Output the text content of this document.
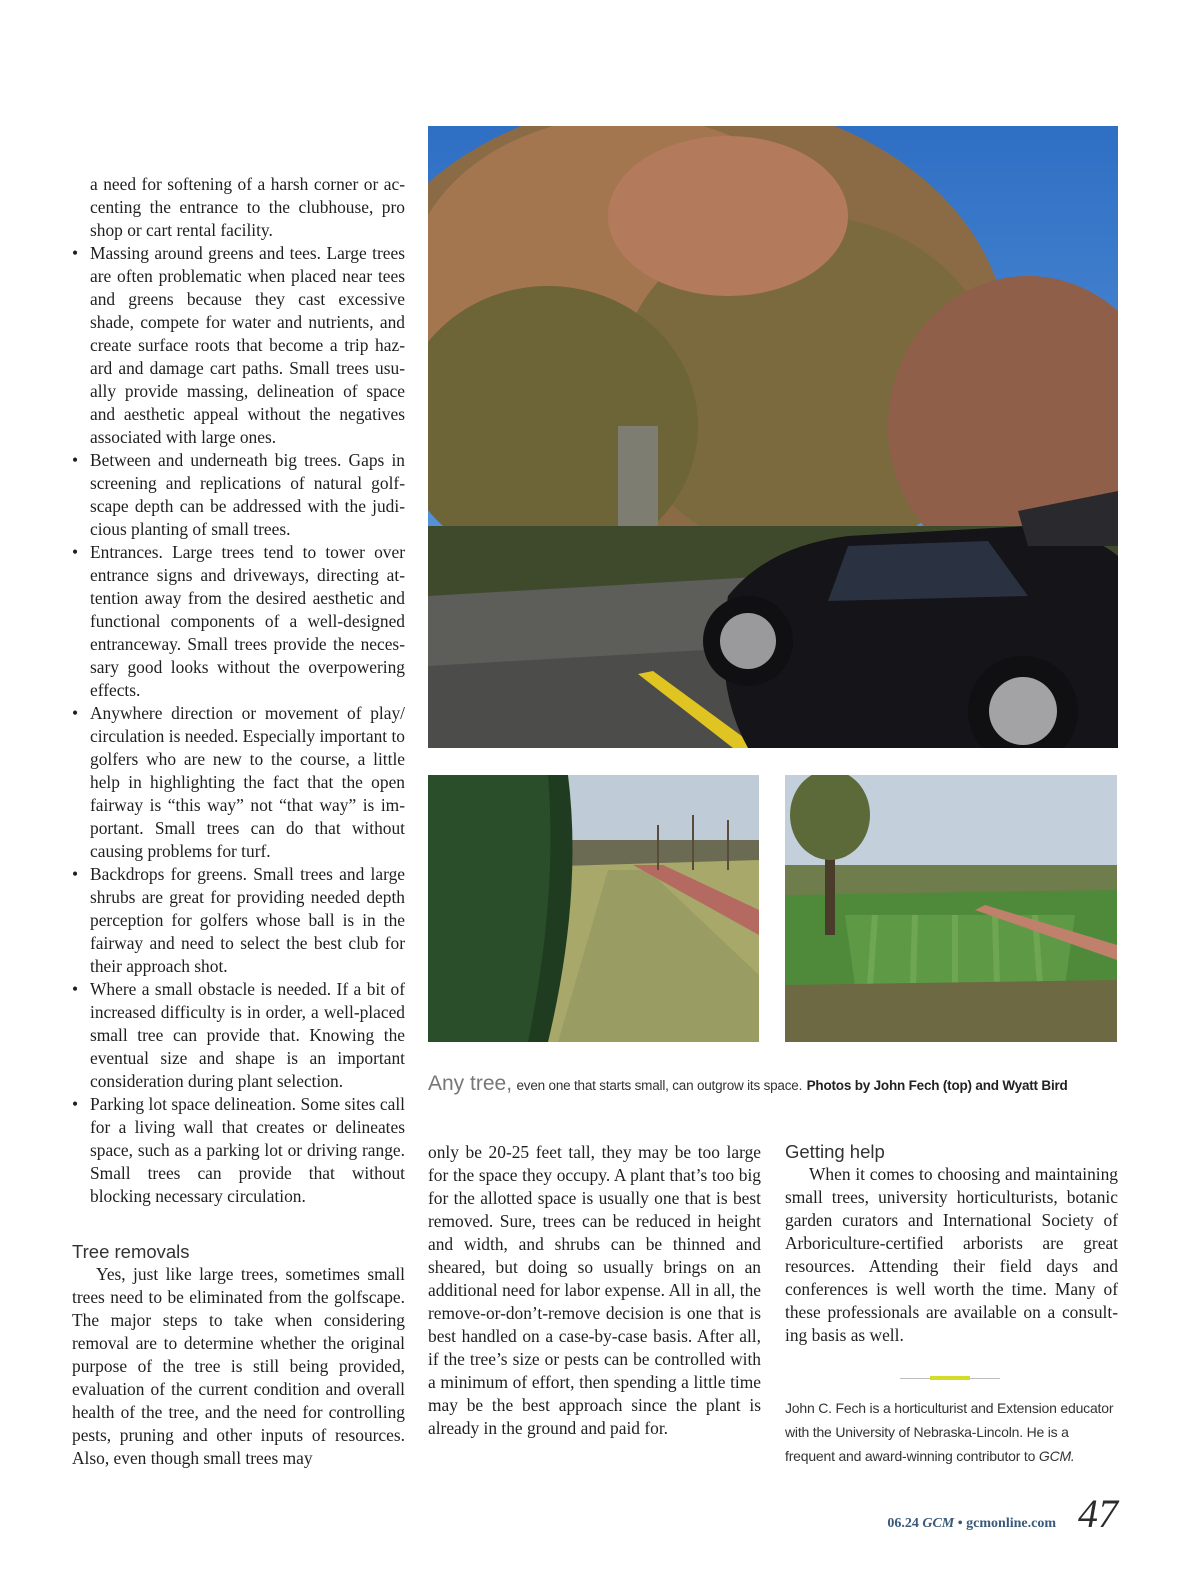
a need for softening of a harsh corner or accenting the entrance to the clubhouse, pro shop or cart rental facility.

• Massing around greens and tees. Large trees are often problematic when placed near tees and greens because they cast excessive shade, compete for water and nutrients, and create surface roots that become a trip hazard and damage cart paths. Small trees usually provide massing, delineation of space and aesthetic appeal without the negatives associated with large ones.
• Between and underneath big trees. Gaps in screening and replications of natural golfscape depth can be addressed with the judicious planting of small trees.
• Entrances. Large trees tend to tower over entrance signs and driveways, directing attention away from the desired aesthetic and functional components of a well-designed entranceway. Small trees provide the necessary good looks without the overpowering effects.
• Anywhere direction or movement of play/ circulation is needed. Especially important to golfers who are new to the course, a little help in highlighting the fact that the open fairway is “this way” not “that way” is important. Small trees can do that without causing problems for turf.
• Backdrops for greens. Small trees and large shrubs are great for providing needed depth perception for golfers whose ball is in the fairway and need to select the best club for their approach shot.
• Where a small obstacle is needed. If a bit of increased difficulty is in order, a well-placed small tree can provide that. Knowing the eventual size and shape is an important consideration during plant selection.
• Parking lot space delineation. Some sites call for a living wall that creates or delineates space, such as a parking lot or driving range. Small trees can provide that without blocking necessary circulation.
Tree removals

Yes, just like large trees, sometimes small trees need to be eliminated from the golfscape. The major steps to take when considering removal are to determine whether the original purpose of the tree is still being provided, evaluation of the current condition and overall health of the tree, and the need for controlling pests, pruning and other inputs of resources. Also, even though small trees may

only be 20-25 feet tall, they may be too large for the space they occupy. A plant that’s too big for the allotted space is usually one that is best removed. Sure, trees can be reduced in height and width, and shrubs can be thinned and sheared, but doing so usually brings on an additional need for labor expense. All in all, the remove-or-don’t-remove decision is one that is best handled on a case-by-case basis. After all, if the tree’s size or pests can be controlled with a minimum of effort, then spending a little time may be the best approach since the plant is already in the ground and paid for.

Getting help

When it comes to choosing and maintaining small trees, university horticulturists, botanic garden curators and International Society of Arboriculture-certified arborists are great resources. Attending their field days and conferences is well worth the time. Many of these professionals are available on a consulting basis as well.

Any tree, even one that starts small, can outgrow its space. Photos by John Fech (top) and Wyatt Bird
John C. Fech is a horticulturist and Extension educator with the University of Nebraska-Lincoln. He is a frequent and award-winning contributor to GCM.
06.24 GCM • gcmonline.com 47
